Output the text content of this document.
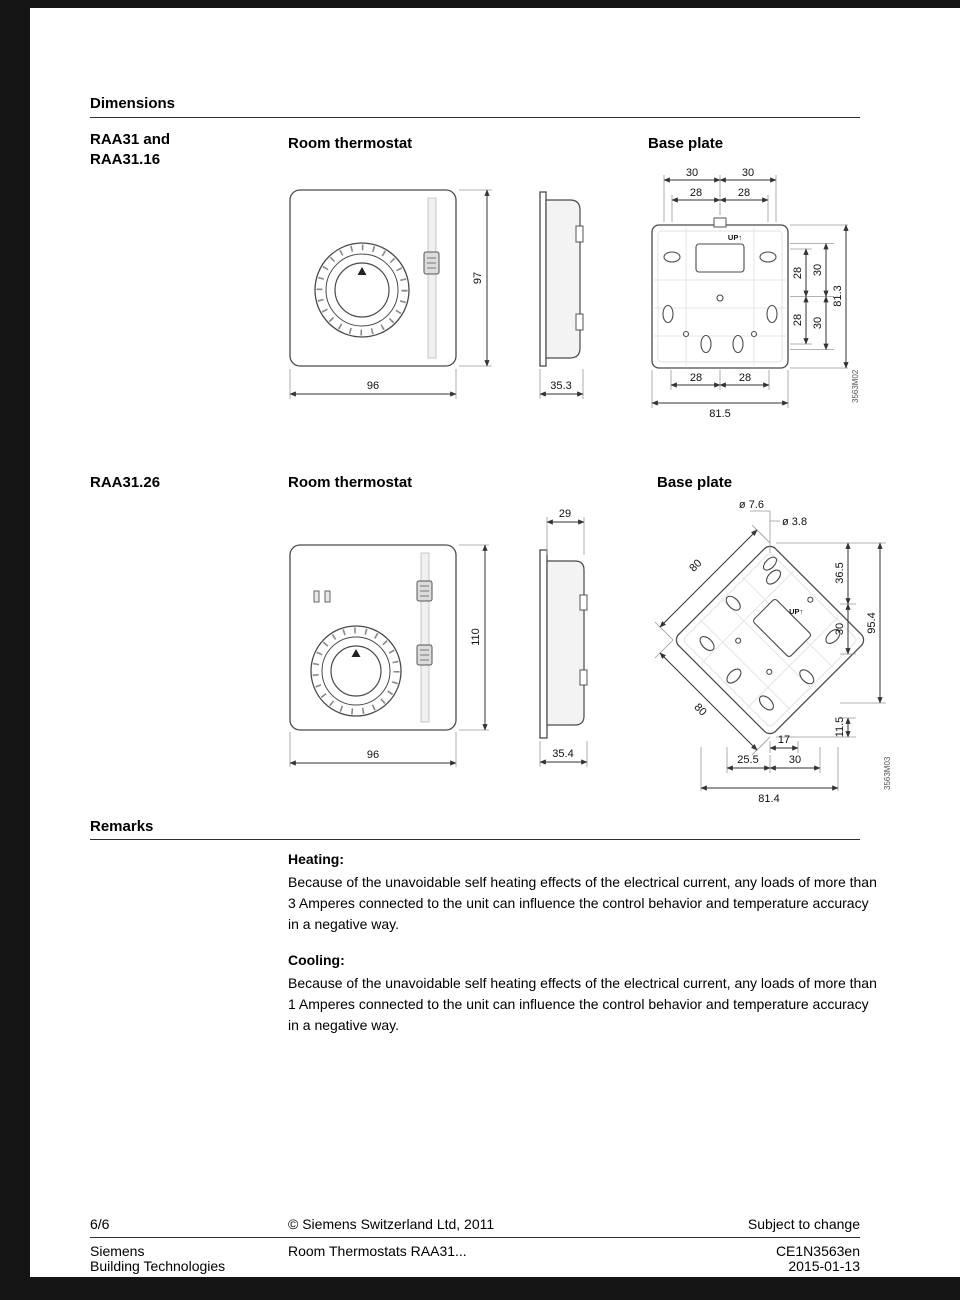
Dimensions
RAA31 and
RAA31.16
Room thermostat	Base plate
UP↑
97
96	35.3
30	30
28	28
28
28
30
30
81.3
28	28
81.5
3563M02
RAA31.26	Room thermostat	Base plate
UP↑
110
96
29
35.4
ø 7.6
ø 3.8
80
80
36.5
30
11.5
95.4
17
25.5	30
81.4
3563M03
Remarks
Heating:
Because of the unavoidable self heating effects of the electrical current, any loads of more than 3 Amperes connected to the unit can influence the control behavior and temperature accuracy in a negative way.
Cooling:
Because of the unavoidable self heating effects of the electrical current, any loads of more than 1 Amperes connected to the unit can influence the control behavior and temperature accuracy in a negative way.
6/6	© Siemens Switzerland Ltd, 2011	Subject to change
Siemens
Building Technologies
Room Thermostats RAA31...	CE1N3563en
2015-01-13
